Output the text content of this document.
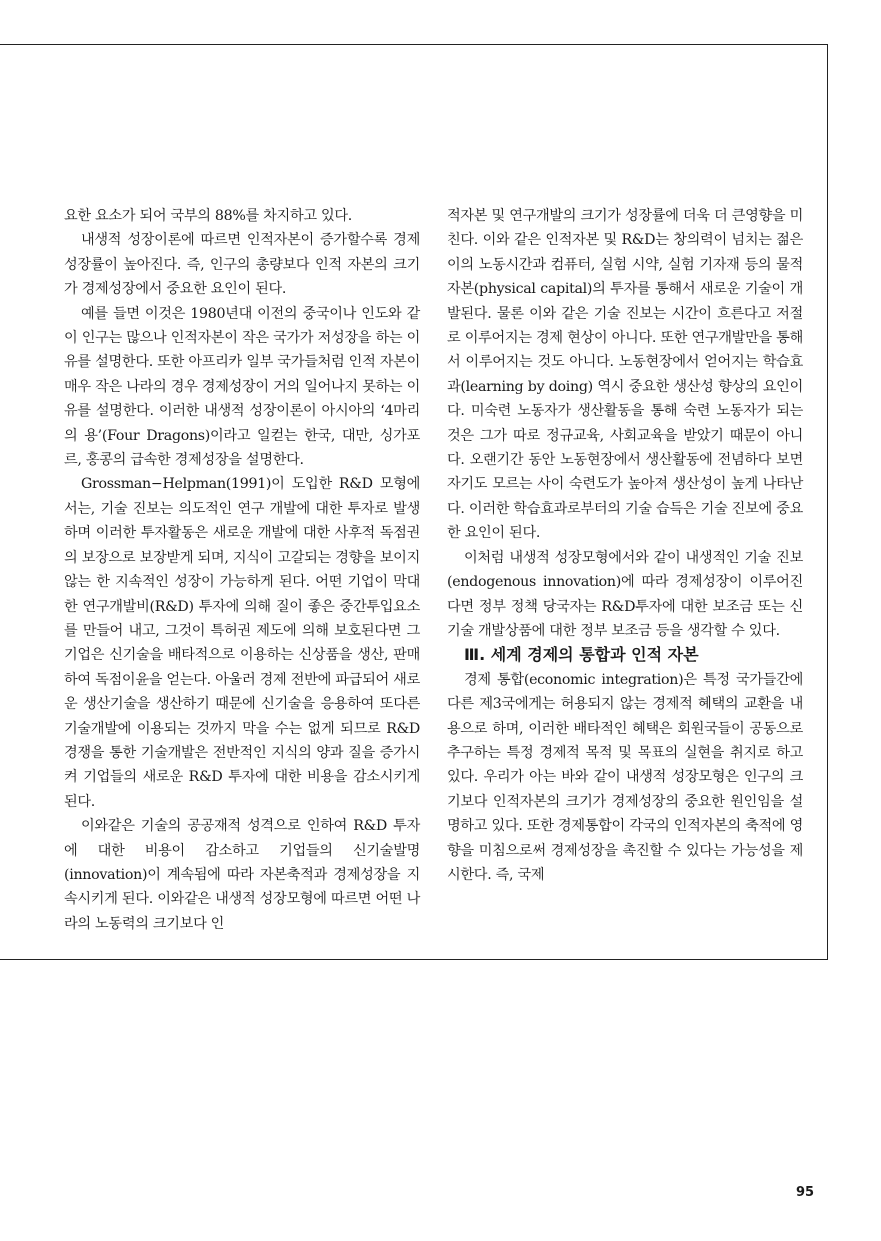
요한 요소가 되어 국부의 88%를 차지하고 있다.

내생적 성장이론에 따르면 인적자본이 증가할수록 경제성장률이 높아진다. 즉, 인구의 총량보다 인적 자본의 크기가 경제성장에서 중요한 요인이 된다.

예를 들면 이것은 1980년대 이전의 중국이나 인도와 같이 인구는 많으나 인적자본이 작은 국가가 저성장을 하는 이유를 설명한다. 또한 아프리카 일부 국가들처럼 인적 자본이 매우 작은 나라의 경우 경제성장이 거의 일어나지 못하는 이유를 설명한다. 이러한 내생적 성장이론이 아시아의 ‘4마리의 용’(Four Dragons)이라고 일컫는 한국, 대만, 싱가포르, 홍콩의 급속한 경제성장을 설명한다.

Grossman−Helpman(1991)이 도입한 R&D 모형에서는, 기술 진보는 의도적인 연구 개발에 대한 투자로 발생하며 이러한 투자활동은 새로운 개발에 대한 사후적 독점권의 보장으로 보장받게 되며, 지식이 고갈되는 경향을 보이지 않는 한 지속적인 성장이 가능하게 된다. 어떤 기업이 막대한 연구개발비(R&D) 투자에 의해 질이 좋은 중간투입요소를 만들어 내고, 그것이 특허권 제도에 의해 보호된다면 그 기업은 신기술을 배타적으로 이용하는 신상품을 생산, 판매하여 독점이윤을 얻는다. 아울러 경제 전반에 파급되어 새로운 생산기술을 생산하기 때문에 신기술을 응용하여 또다른 기술개발에 이용되는 것까지 막을 수는 없게 되므로 R&D 경쟁을 통한 기술개발은 전반적인 지식의 양과 질을 증가시켜 기업들의 새로운 R&D 투자에 대한 비용을 감소시키게 된다.

이와같은 기술의 공공재적 성격으로 인하여 R&D 투자에 대한 비용이 감소하고 기업들의 신기술발명(innovation)이 계속됨에 따라 자본축적과 경제성장을 지속시키게 된다. 이와같은 내생적 성장모형에 따르면 어떤 나라의 노동력의 크기보다 인

적자본 및 연구개발의 크기가 성장률에 더욱 더 큰영향을 미친다. 이와 같은 인적자본 및 R&D는 창의력이 넘치는 젊은이의 노동시간과 컴퓨터, 실험 시약, 실험 기자재 등의 물적자본(physical capital)의 투자를 통해서 새로운 기술이 개발된다. 물론 이와 같은 기술 진보는 시간이 흐른다고 저절로 이루어지는 경제 현상이 아니다. 또한 연구개발만을 통해서 이루어지는 것도 아니다. 노동현장에서 얻어지는 학습효과(learning by doing) 역시 중요한 생산성 향상의 요인이다. 미숙련 노동자가 생산활동을 통해 숙련 노동자가 되는 것은 그가 따로 정규교육, 사회교육을 받았기 때문이 아니다. 오랜기간 동안 노동현장에서 생산활동에 전념하다 보면 자기도 모르는 사이 숙련도가 높아져 생산성이 높게 나타난다. 이러한 학습효과로부터의 기술 습득은 기술 진보에 중요한 요인이 된다.

이처럼 내생적 성장모형에서와 같이 내생적인 기술 진보(endogenous innovation)에 따라 경제성장이 이루어진다면 정부 정책 당국자는 R&D투자에 대한 보조금 또는 신기술 개발상품에 대한 정부 보조금 등을 생각할 수 있다.

Ⅲ. 세계 경제의 통합과 인적 자본

경제 통합(economic integration)은 특정 국가들간에 다른 제3국에게는 허용되지 않는 경제적 혜택의 교환을 내용으로 하며, 이러한 배타적인 혜택은 회원국들이 공동으로 추구하는 특정 경제적 목적 및 목표의 실현을 취지로 하고 있다. 우리가 아는 바와 같이 내생적 성장모형은 인구의 크기보다 인적자본의 크기가 경제성장의 중요한 원인임을 설명하고 있다. 또한 경제통합이 각국의 인적자본의 축적에 영향을 미침으로써 경제성장을 촉진할 수 있다는 가능성을 제시한다. 즉, 국제

95
